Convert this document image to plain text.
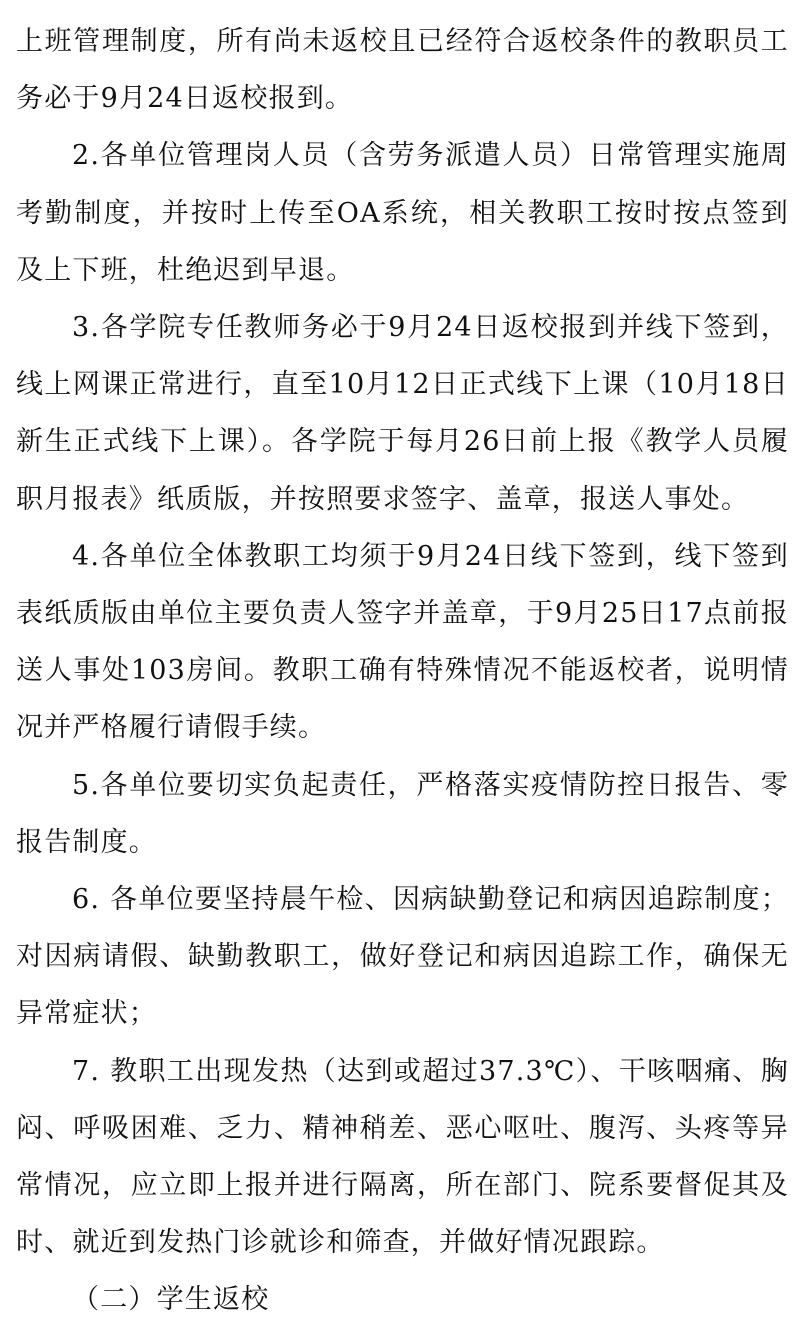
上班管理制度，所有尚未返校且已经符合返校条件的教职员工务必于9月24日返校报到。

2.各单位管理岗人员（含劳务派遣人员）日常管理实施周考勤制度，并按时上传至OA系统，相关教职工按时按点签到及上下班，杜绝迟到早退。

3.各学院专任教师务必于9月24日返校报到并线下签到，线上网课正常进行，直至10月12日正式线下上课（10月18日新生正式线下上课）。各学院于每月26日前上报《教学人员履职月报表》纸质版，并按照要求签字、盖章，报送人事处。

4.各单位全体教职工均须于9月24日线下签到，线下签到表纸质版由单位主要负责人签字并盖章，于9月25日17点前报送人事处103房间。教职工确有特殊情况不能返校者，说明情况并严格履行请假手续。

5.各单位要切实负起责任，严格落实疫情防控日报告、零报告制度。

6. 各单位要坚持晨午检、因病缺勤登记和病因追踪制度；对因病请假、缺勤教职工，做好登记和病因追踪工作，确保无异常症状；

7. 教职工出现发热（达到或超过37.3℃）、干咳咽痛、胸闷、呼吸困难、乏力、精神稍差、恶心呕吐、腹泻、头疼等异常情况，应立即上报并进行隔离，所在部门、院系要督促其及时、就近到发热门诊就诊和筛查，并做好情况跟踪。

（二）学生返校
